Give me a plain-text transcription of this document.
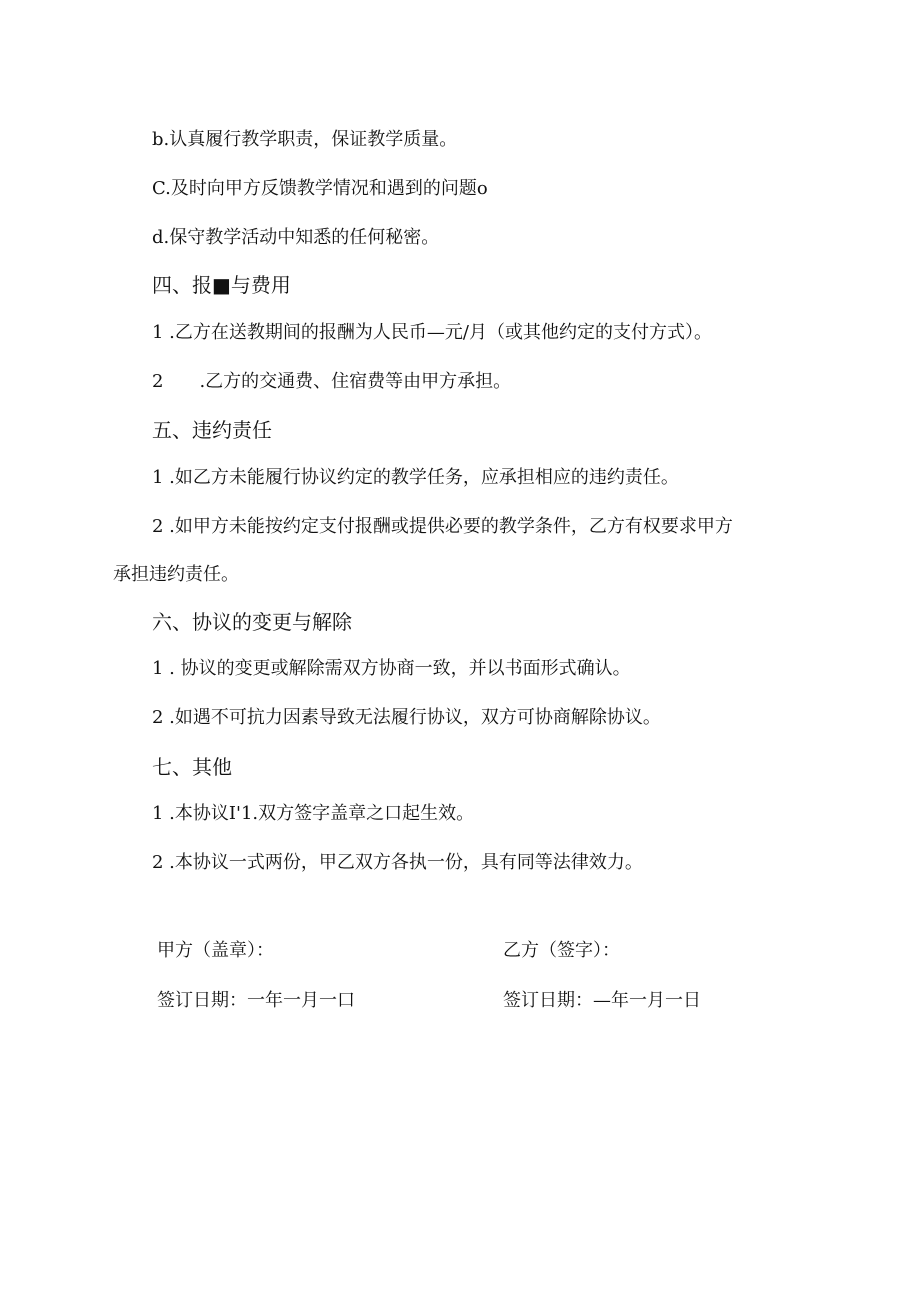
b.认真履行教学职责，保证教学质量。
C.及时向甲方反馈教学情况和遇到的问题o
d.保守教学活动中知悉的任何秘密。
四、报■与费用
1 .乙方在送教期间的报酬为人民币—元/月（或其他约定的支付方式）。
2　　.乙方的交通费、住宿费等由甲方承担。
五、违约责任
1 .如乙方未能履行协议约定的教学任务，应承担相应的违约责任。
2 .如甲方未能按约定支付报酬或提供必要的教学条件，乙方有权要求甲方
承担违约责任。
六、协议的变更与解除
1 . 协议的变更或解除需双方协商一致，并以书面形式确认。
2 .如遇不可抗力因素导致无法履行协议，双方可协商解除协议。
七、其他
1 .本协议I'1.双方签字盖章之口起生效。
2 .本协议一式两份，甲乙双方各执一份，具有同等法律效力。
甲方（盖章）：	乙方（签字）：
签订日期：一年一月一口	签订日期：—年一月一日
